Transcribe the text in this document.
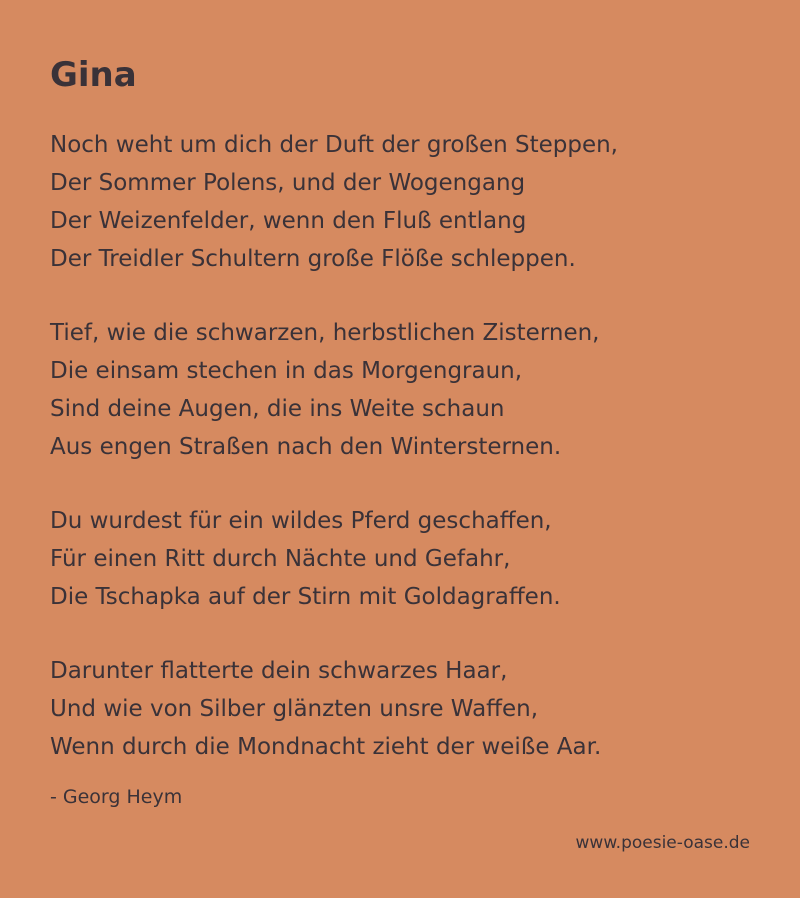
Gina
Noch weht um dich der Duft der großen Steppen,
Der Sommer Polens, und der Wogengang
Der Weizenfelder, wenn den Fluß entlang
Der Treidler Schultern große Flöße schleppen.
Tief, wie die schwarzen, herbstlichen Zisternen,
Die einsam stechen in das Morgengraun,
Sind deine Augen, die ins Weite schaun
Aus engen Straßen nach den Wintersternen.
Du wurdest für ein wildes Pferd geschaffen,
Für einen Ritt durch Nächte und Gefahr,
Die Tschapka auf der Stirn mit Goldagraffen.
Darunter flatterte dein schwarzes Haar,
Und wie von Silber glänzten unsre Waffen,
Wenn durch die Mondnacht zieht der weiße Aar.
- Georg Heym
www.poesie-oase.de
